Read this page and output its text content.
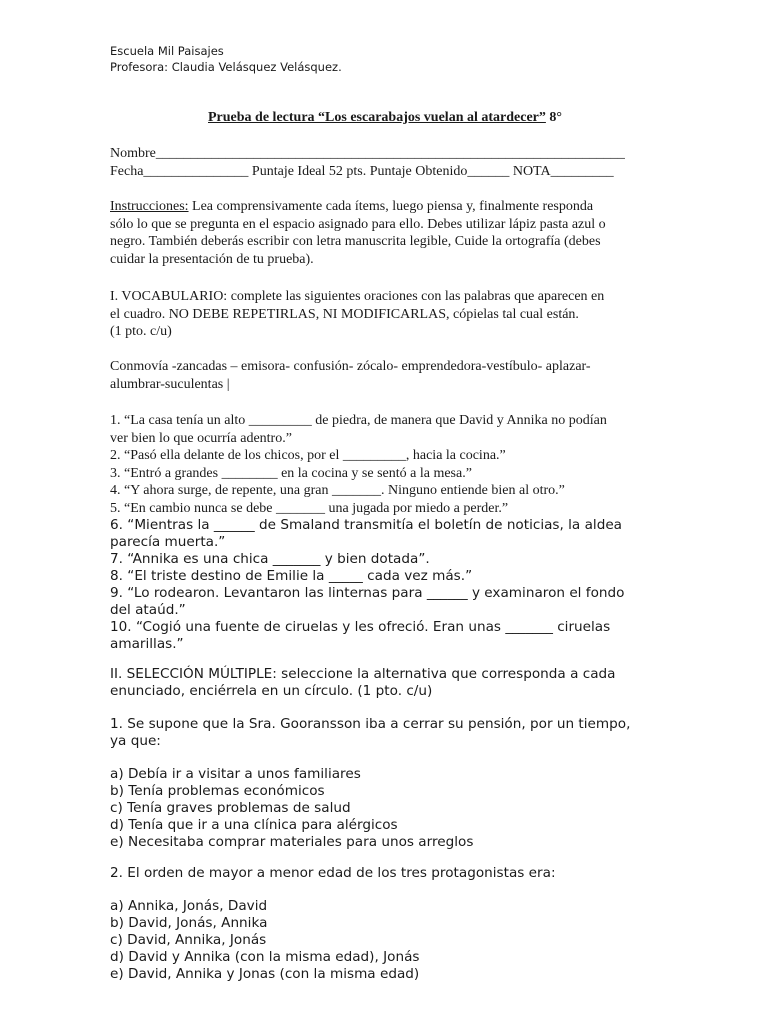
Escuela Mil Paisajes
Profesora: Claudia Velásquez Velásquez.
Prueba de lectura “Los escarabajos vuelan al atardecer” 8°
Nombre___________________________________________________________________
Fecha_______________ Puntaje Ideal 52 pts. Puntaje Obtenido______ NOTA_________
Instrucciones: Lea comprensivamente cada ítems, luego piensa y, finalmente responda
sólo lo que se pregunta en el espacio asignado para ello. Debes utilizar lápiz pasta azul o
negro. También deberás escribir con letra manuscrita legible, Cuide la ortografía (debes
cuidar la presentación de tu prueba).
I. VOCABULARIO: complete las siguientes oraciones con las palabras que aparecen en
el cuadro. NO DEBE REPETIRLAS, NI MODIFICARLAS, cópielas tal cual están.
(1 pto. c/u)
Conmovía -zancadas – emisora- confusión- zócalo- emprendedora-vestíbulo- aplazar-
alumbrar-suculentas |
1. “La casa tenía un alto _________ de piedra, de manera que David y Annika no podían
ver bien lo que ocurría adentro.”
2. “Pasó ella delante de los chicos, por el _________, hacia la cocina.”
3. “Entró a grandes ________ en la cocina y se sentó a la mesa.”
4. “Y ahora surge, de repente, una gran _______. Ninguno entiende bien al otro.”
5. “En cambio nunca se debe _______ una jugada por miedo a perder.”
6. “Mientras la ______ de Smaland transmitía el boletín de noticias, la aldea
parecía muerta.”
7. “Annika es una chica _______ y bien dotada”.
8. “El triste destino de Emilie la _____ cada vez más.”
9. “Lo rodearon. Levantaron las linternas para ______ y examinaron el fondo
del ataúd.”
10. “Cogió una fuente de ciruelas y les ofreció. Eran unas _______ ciruelas
amarillas.”
II. SELECCIÓN MÚLTIPLE: seleccione la alternativa que corresponda a cada
enunciado, enciérrela en un círculo. (1 pto. c/u)
1. Se supone que la Sra. Gooransson iba a cerrar su pensión, por un tiempo,
ya que:
a) Debía ir a visitar a unos familiares
b) Tenía problemas económicos
c) Tenía graves problemas de salud
d) Tenía que ir a una clínica para alérgicos
e) Necesitaba comprar materiales para unos arreglos
2. El orden de mayor a menor edad de los tres protagonistas era:
a) Annika, Jonás, David
b) David, Jonás, Annika
c) David, Annika, Jonás
d) David y Annika (con la misma edad), Jonás
e) David, Annika y Jonas (con la misma edad)
